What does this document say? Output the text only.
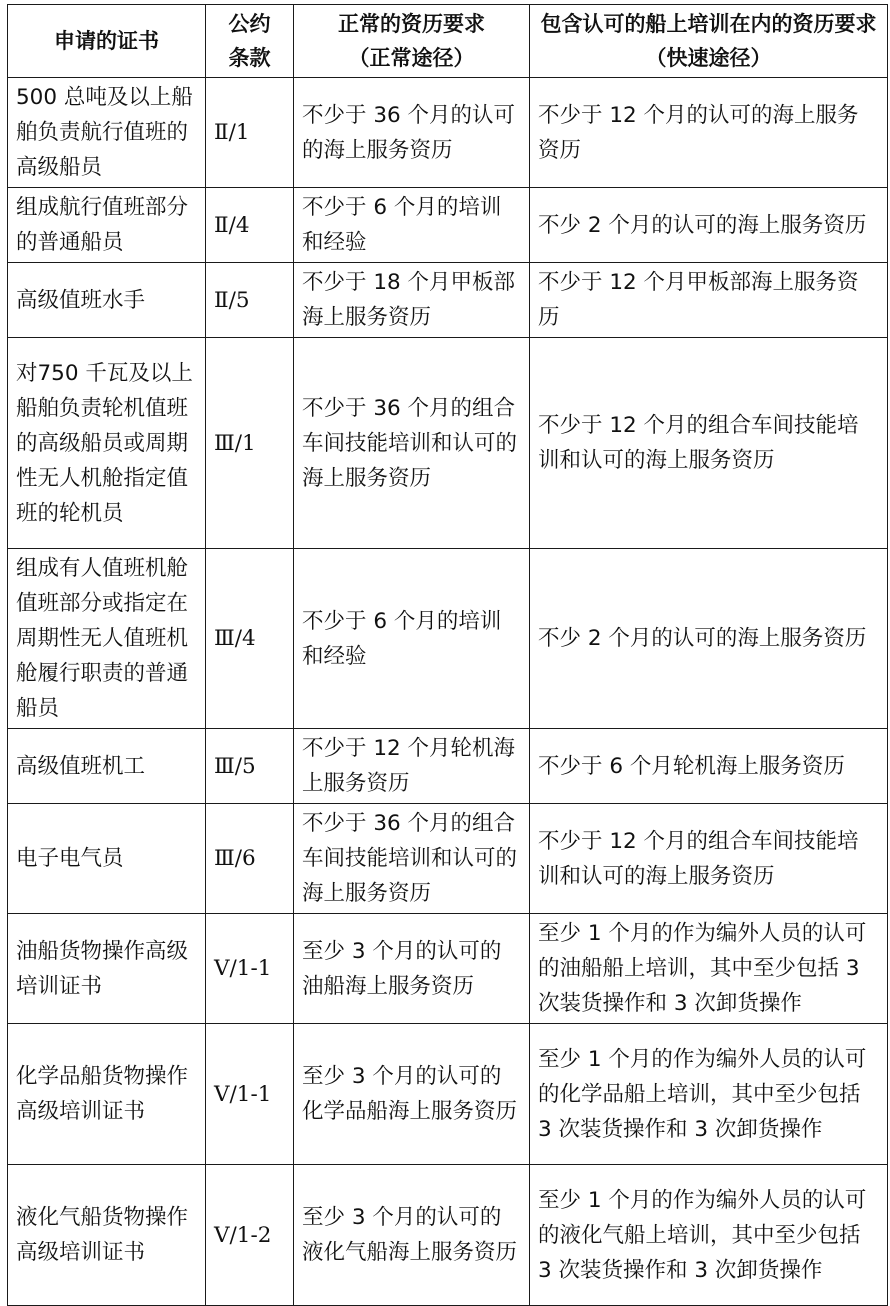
申请的证书	公约条款	正常的资历要求（正常途径）	包含认可的船上培训在内的资历要求（快速途径）
500 总吨及以上船舶负责航行值班的高级船员	Ⅱ/1	不少于 36 个月的认可的海上服务资历	不少于 12 个月的认可的海上服务资历
组成航行值班部分的普通船员	Ⅱ/4	不少于 6 个月的培训和经验	不少 2 个月的认可的海上服务资历
高级值班水手	Ⅱ/5	不少于 18 个月甲板部海上服务资历	不少于 12 个月甲板部海上服务资历
对750 千瓦及以上船舶负责轮机值班的高级船员或周期性无人机舱指定值班的轮机员	Ⅲ/1	不少于 36 个月的组合车间技能培训和认可的海上服务资历	不少于 12 个月的组合车间技能培训和认可的海上服务资历
组成有人值班机舱值班部分或指定在周期性无人值班机舱履行职责的普通船员	Ⅲ/4	不少于 6 个月的培训和经验	不少 2 个月的认可的海上服务资历
高级值班机工	Ⅲ/5	不少于 12 个月轮机海上服务资历	不少于 6 个月轮机海上服务资历
电子电气员	Ⅲ/6	不少于 36 个月的组合车间技能培训和认可的海上服务资历	不少于 12 个月的组合车间技能培训和认可的海上服务资历
油船货物操作高级培训证书	Ⅴ/1-1	至少 3 个月的认可的油船海上服务资历	至少 1 个月的作为编外人员的认可的油船船上培训，其中至少包括 3 次装货操作和 3 次卸货操作
化学品船货物操作高级培训证书	Ⅴ/1-1	至少 3 个月的认可的化学品船海上服务资历	至少 1 个月的作为编外人员的认可的化学品船上培训，其中至少包括 3 次装货操作和 3 次卸货操作
液化气船货物操作高级培训证书	Ⅴ/1-2	至少 3 个月的认可的液化气船海上服务资历	至少 1 个月的作为编外人员的认可的液化气船上培训，其中至少包括 3 次装货操作和 3 次卸货操作
